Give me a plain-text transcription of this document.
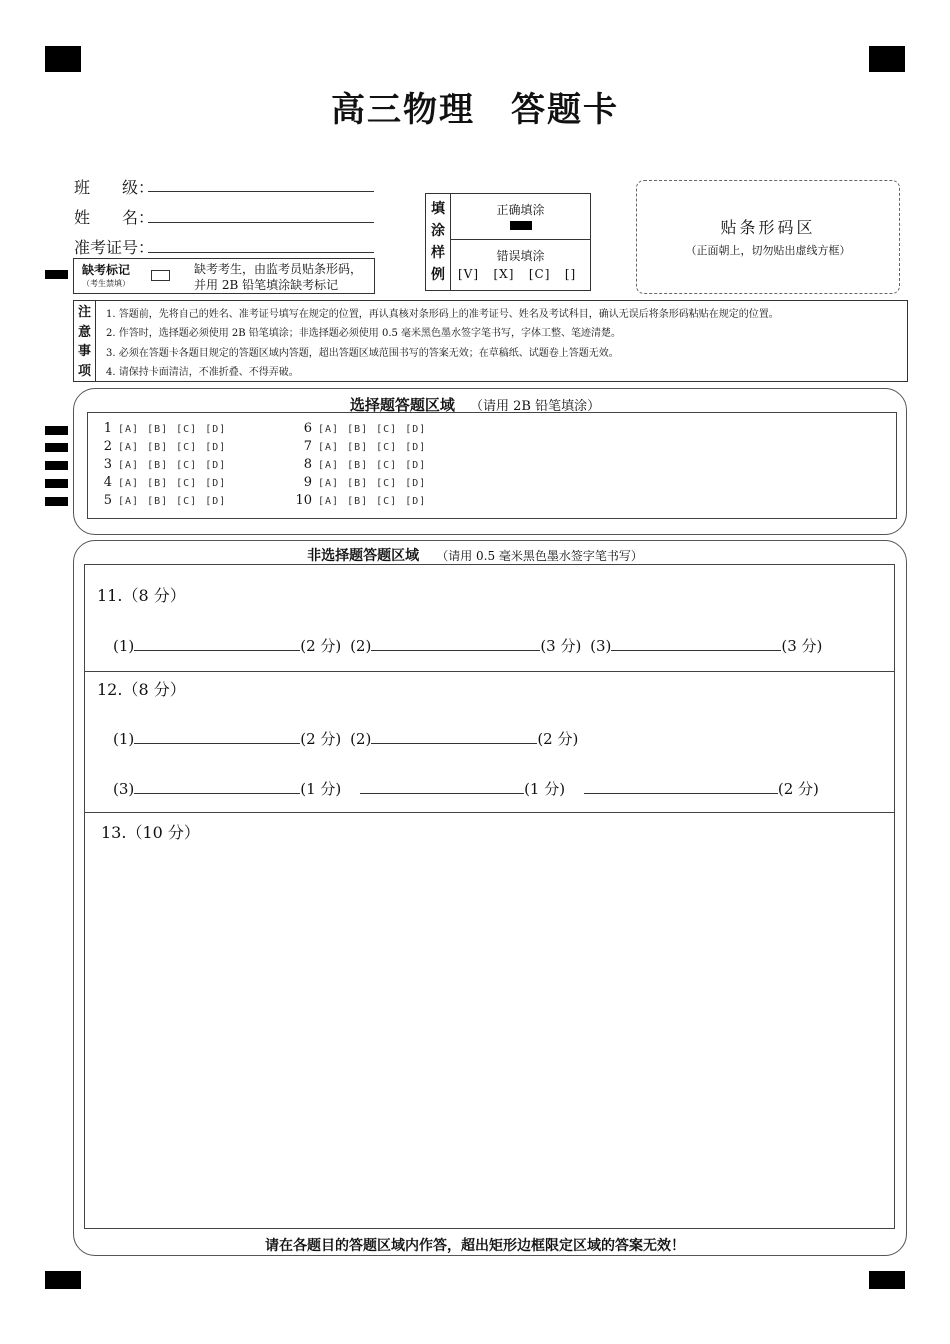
高三物理 答题卡
班　　级：
姓　　名：
准考证号：
缺考标记
（考生禁填）
缺考考生，由监考员贴条形码，
并用 2B 铅笔填涂缺考标记
填
涂
样
例
正确填涂
错误填涂
[V] [X] [C] []
贴条形码区
（正面朝上，切勿贴出虚线方框）
注
意
事
项
1. 答题前，先将自己的姓名、准考证号填写在规定的位置，再认真核对条形码上的准考证号、姓名及考试科目，确认无误后将条形码粘贴在规定的位置。
2. 作答时，选择题必须使用 2B 铅笔填涂；非选择题必须使用 0.5 毫米黑色墨水签字笔书写，字体工整、笔迹清楚。
3. 必须在答题卡各题目规定的答题区域内答题，超出答题区域范围书写的答案无效；在草稿纸、试题卷上答题无效。
4. 请保持卡面清洁，不准折叠、不得弄破。
选择题答题区域 （请用 2B 铅笔填涂）
1 [A] [B] [C] [D]
2 [A] [B] [C] [D]
3 [A] [B] [C] [D]
4 [A] [B] [C] [D]
5 [A] [B] [C] [D]
6 [A] [B] [C] [D]
7 [A] [B] [C] [D]
8 [A] [B] [C] [D]
9 [A] [B] [C] [D]
10 [A] [B] [C] [D]
非选择题答题区域 （请用 0.5 毫米黑色墨水签字笔书写）
11.（8 分）
(1)	(2 分) (2)	(3 分) (3)	(3 分)
12.（8 分）
(1)	(2 分) (2)	(2 分)
(3)	(1 分)	(1 分)	(2 分)
13.（10 分）
请在各题目的答题区域内作答，超出矩形边框限定区域的答案无效！
